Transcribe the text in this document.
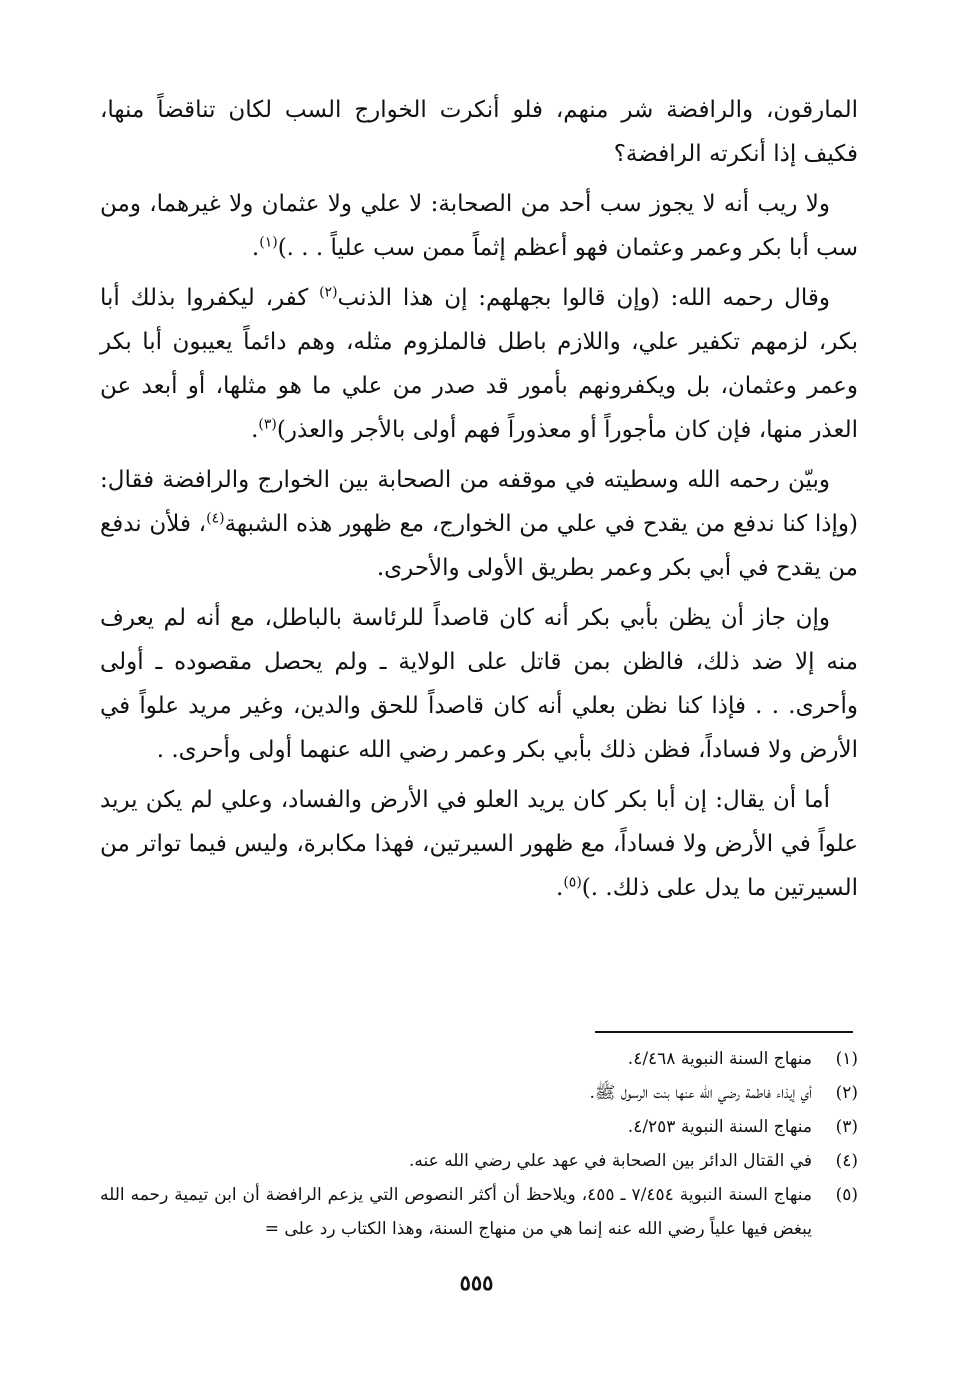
المارقون، والرافضة شر منهم، فلو أنكرت الخوارج السب لكان تناقضاً منها، فكيف إذا أنكرته الرافضة؟

ولا ريب أنه لا يجوز سب أحد من الصحابة: لا علي ولا عثمان ولا غيرهما، ومن سب أبا بكر وعمر وعثمان فهو أعظم إثماً ممن سب علياً . . .)$^{(١)}$.

وقال رحمه الله: (وإن قالوا بجهلهم: إن هذا الذنب$^{(٢)}$ كفر، ليكفروا بذلك أبا بكر، لزمهم تكفير علي، واللازم باطل فالملزوم مثله، وهم دائماً يعيبون أبا بكر وعمر وعثمان، بل ويكفرونهم بأمور قد صدر من علي ما هو مثلها، أو أبعد عن العذر منها، فإن كان مأجوراً أو معذوراً فهم أولى بالأجر والعذر)$^{(٣)}$.

وبيّن رحمه الله وسطيته في موقفه من الصحابة بين الخوارج والرافضة فقال: (وإذا كنا ندفع من يقدح في علي من الخوارج، مع ظهور هذه الشبهة$^{(٤)}$، فلأن ندفع من يقدح في أبي بكر وعمر بطريق الأولى والأحرى.

وإن جاز أن يظن بأبي بكر أنه كان قاصداً للرئاسة بالباطل، مع أنه لم يعرف منه إلا ضد ذلك، فالظن بمن قاتل على الولاية ـ ولم يحصل مقصوده ـ أولى وأحرى. . . فإذا كنا نظن بعلي أنه كان قاصداً للحق والدين، وغير مريد علواً في الأرض ولا فساداً، فظن ذلك بأبي بكر وعمر رضي الله عنهما أولى وأحرى. .

أما أن يقال: إن أبا بكر كان يريد العلو في الأرض والفساد، وعلي لم يكن يريد علواً في الأرض ولا فساداً، مع ظهور السيرتين، فهذا مكابرة، وليس فيما تواتر من السيرتين ما يدل على ذلك. .)$^{(٥)}$.

(١)
منهاج السنة النبوية ٤/٤٦٨.
(٢)
أي إيذاء فاطمة رضي الله عنها بنت الرسول ﷺ.
(٣)
منهاج السنة النبوية ٤/٢٥٣.
(٤)
في القتال الدائر بين الصحابة في عهد علي رضي الله عنه.
(٥)
منهاج السنة النبوية ٧/٤٥٤ ـ ٤٥٥، ويلاحظ أن أكثر النصوص التي يزعم الرافضة أن ابن تيمية رحمه الله يبغض فيها علياً رضي الله عنه إنما هي من منهاج السنة، وهذا الكتاب رد على =
٥٥٥
